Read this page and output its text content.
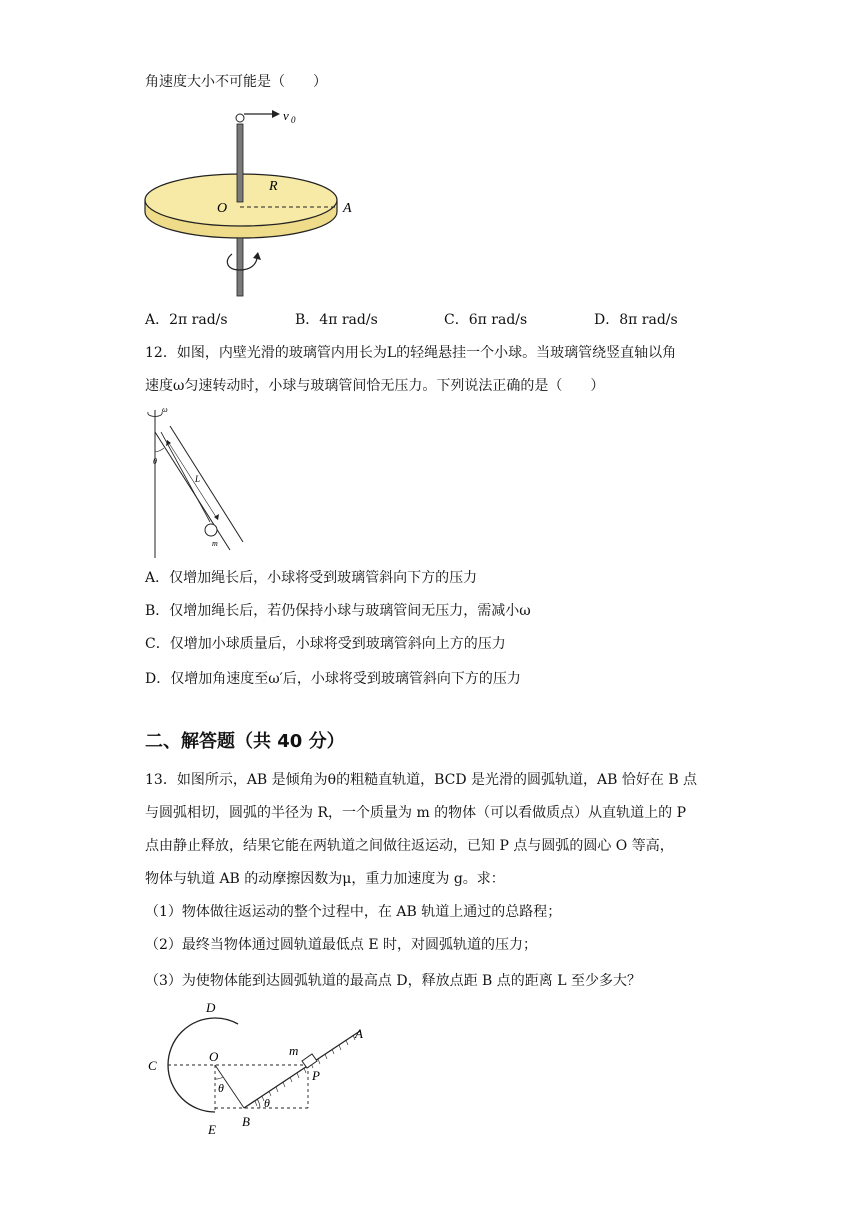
角速度大小不可能是（　　）
v 0
R
O	A
A．2π rad/s	B．4π rad/s	C．6π rad/s	D．8π rad/s
12．如图，内壁光滑的玻璃管内用长为L的轻绳悬挂一个小球。当玻璃管绕竖直轴以角
速度ω匀速转动时，小球与玻璃管间恰无压力。下列说法正确的是（　　）
ω
L
θ
m
A．仅增加绳长后，小球将受到玻璃管斜向下方的压力
B．仅增加绳长后，若仍保持小球与玻璃管间无压力，需减小ω
C．仅增加小球质量后，小球将受到玻璃管斜向上方的压力
D．仅增加角速度至ω′后，小球将受到玻璃管斜向下方的压力
二、解答题（共 40 分）
13．如图所示，AB 是倾角为θ的粗糙直轨道，BCD 是光滑的圆弧轨道，AB 恰好在 B 点
与圆弧相切，圆弧的半径为 R，一个质量为 m 的物体（可以看做质点）从直轨道上的 P
点由静止释放，结果它能在两轨道之间做往返运动，已知 P 点与圆弧的圆心 O 等高，
物体与轨道 AB 的动摩擦因数为μ，重力加速度为 g。求：
（1）物体做往返运动的整个过程中，在 AB 轨道上通过的总路程；
（2）最终当物体通过圆轨道最低点 E 时，对圆弧轨道的压力；
（3）为使物体能到达圆弧轨道的最高点 D，释放点距 B 点的距离 L 至少多大？
D
C
O	m
A
P
B
E
θ
θ
